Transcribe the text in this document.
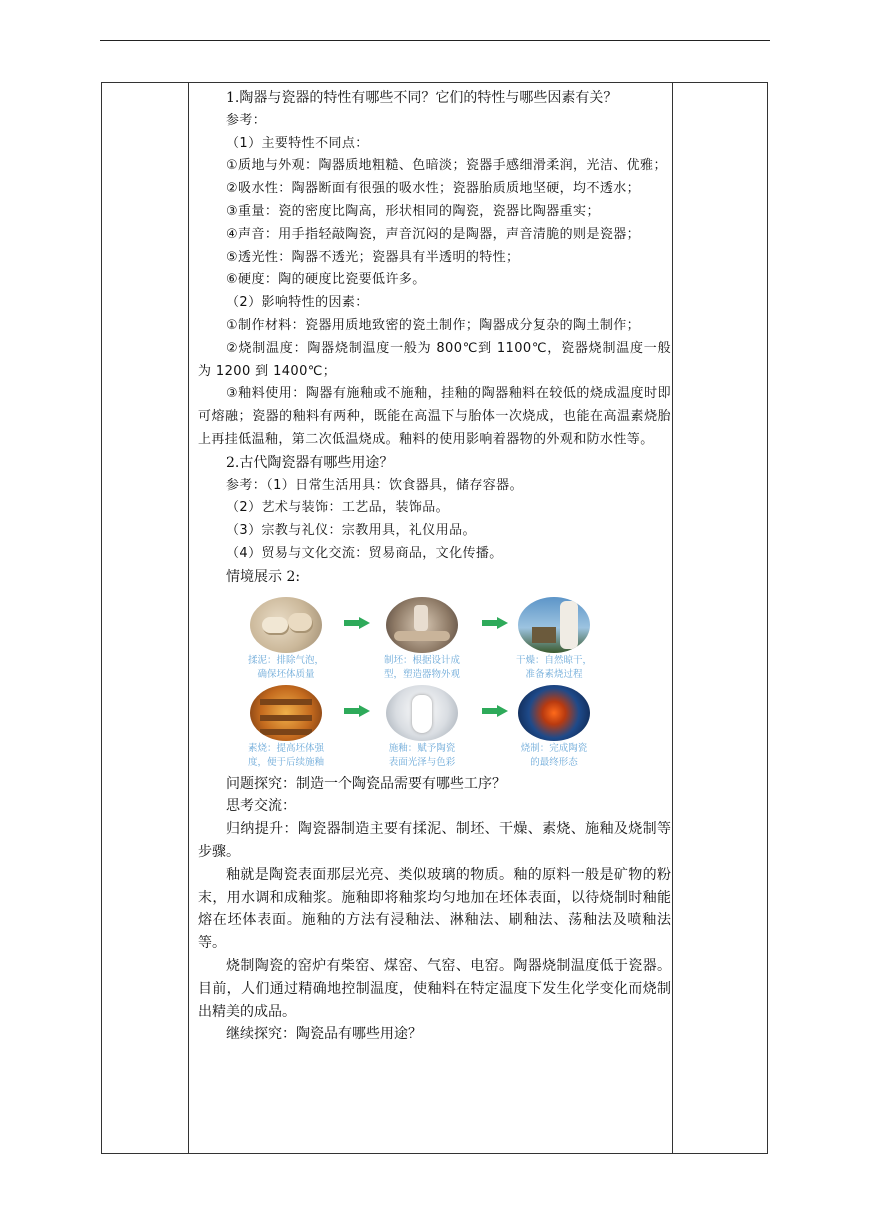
1.陶器与瓷器的特性有哪些不同？它们的特性与哪些因素有关？

参考：

（1）主要特性不同点：

①质地与外观：陶器质地粗糙、色暗淡；瓷器手感细滑柔润，光洁、优雅；

②吸水性：陶器断面有很强的吸水性；瓷器胎质质地坚硬，均不透水；

③重量：瓷的密度比陶高，形状相同的陶瓷，瓷器比陶器重实；

④声音：用手指轻敲陶瓷，声音沉闷的是陶器，声音清脆的则是瓷器；

⑤透光性：陶器不透光；瓷器具有半透明的特性；

⑥硬度：陶的硬度比瓷要低许多。

（2）影响特性的因素：

①制作材料：瓷器用质地致密的瓷土制作；陶器成分复杂的陶土制作；

②烧制温度：陶器烧制温度一般为 800℃到 1100℃，瓷器烧制温度一般为 1200 到 1400℃；

③釉料使用：陶器有施釉或不施釉，挂釉的陶器釉料在较低的烧成温度时即可熔融；瓷器的釉料有两种，既能在高温下与胎体一次烧成，也能在高温素烧胎上再挂低温釉，第二次低温烧成。釉料的使用影响着器物的外观和防水性等。

2.古代陶瓷器有哪些用途？

参考：（1）日常生活用具：饮食器具，储存容器。

（2）艺术与装饰：工艺品，装饰品。

（3）宗教与礼仪：宗教用具，礼仪用品。

（4）贸易与文化交流：贸易商品，文化传播。

情境展示 2:

揉泥：排除气泡，
确保坯体质量
制坯：根据设计成
型，塑造器物外观
干燥：自然晾干，
准备素烧过程
素烧：提高坯体强
度，便于后续施釉
施釉：赋予陶瓷
表面光泽与色彩
烧制：完成陶瓷
的最终形态

问题探究：制造一个陶瓷品需要有哪些工序？

思考交流：

归纳提升：陶瓷器制造主要有揉泥、制坯、干燥、素烧、施釉及烧制等步骤。

釉就是陶瓷表面那层光亮、类似玻璃的物质。釉的原料一般是矿物的粉末，用水调和成釉浆。施釉即将釉浆均匀地加在坯体表面，以待烧制时釉能熔在坯体表面。施釉的方法有浸釉法、淋釉法、刷釉法、荡釉法及喷釉法等。

烧制陶瓷的窑炉有柴窑、煤窑、气窑、电窑。陶器烧制温度低于瓷器。目前，人们通过精确地控制温度，使釉料在特定温度下发生化学变化而烧制出精美的成品。

继续探究：陶瓷品有哪些用途？
